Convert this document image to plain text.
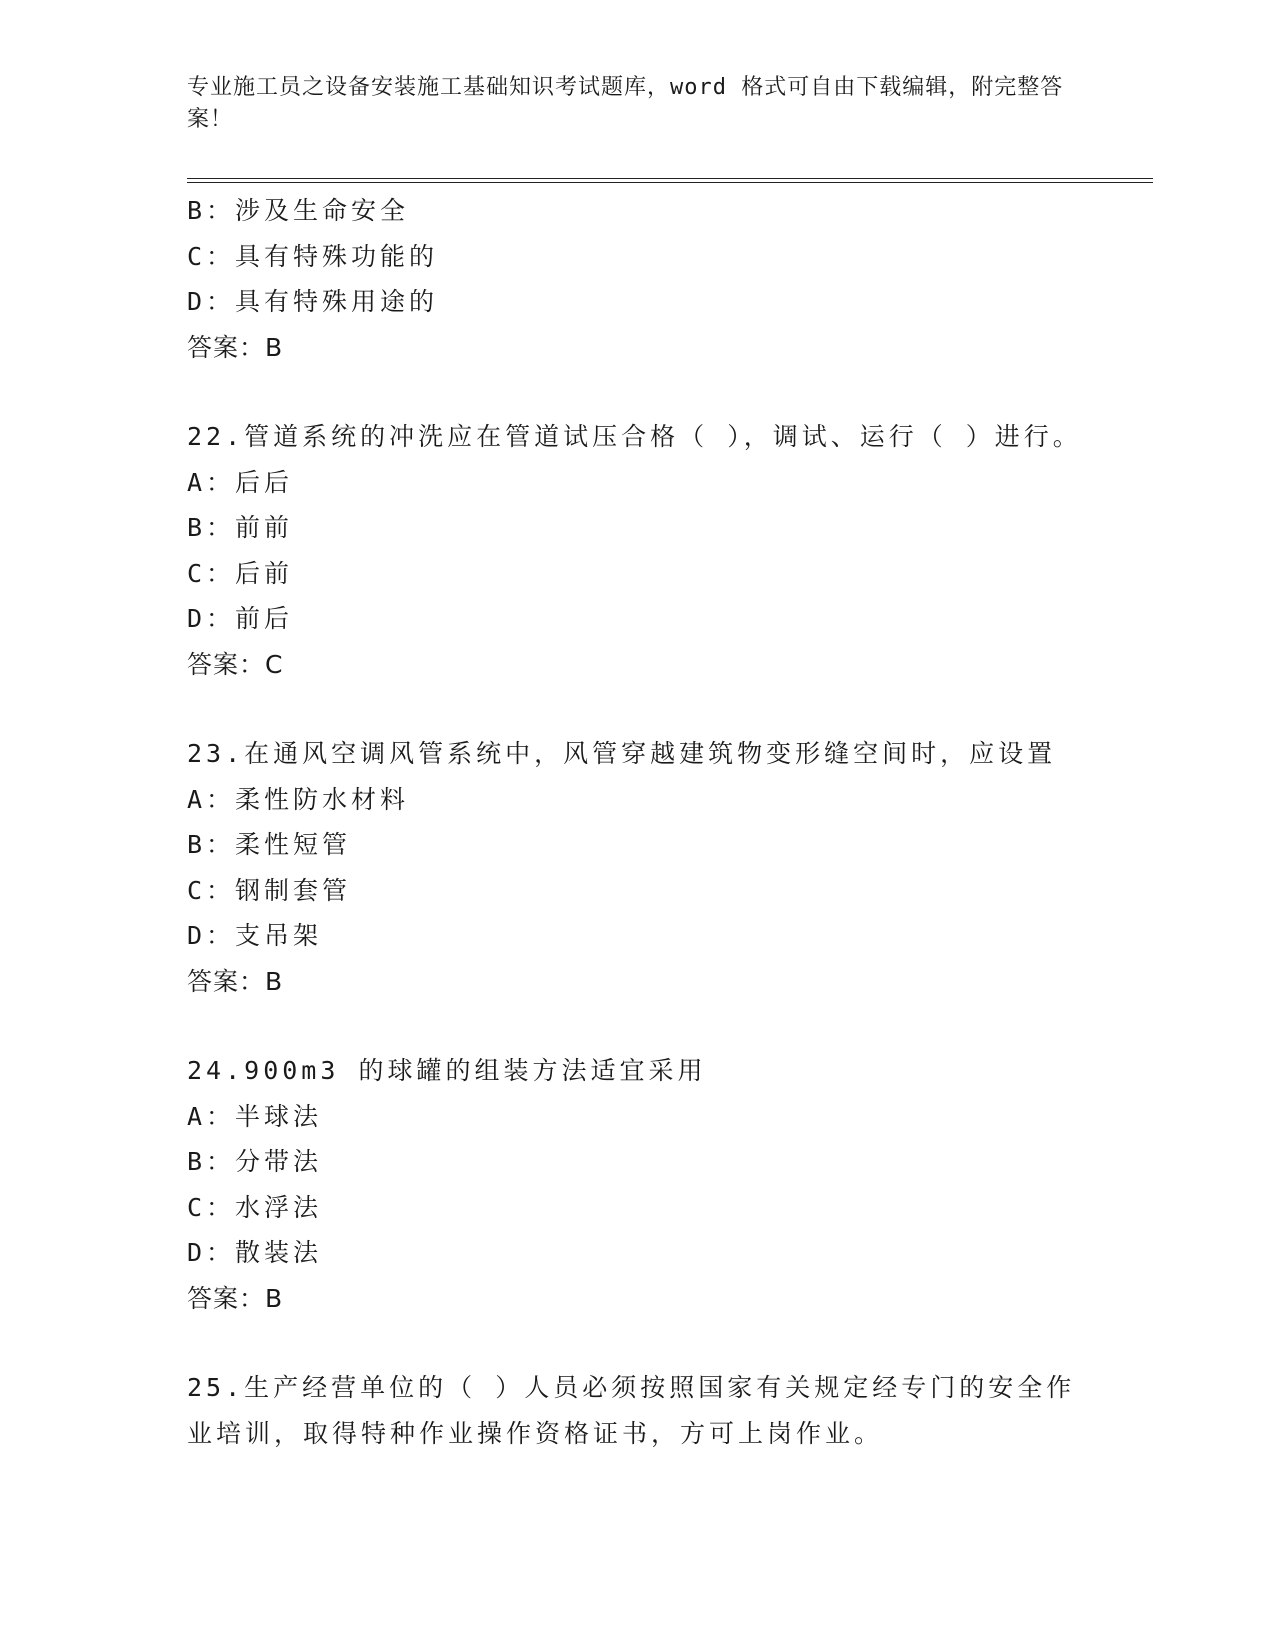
专业施工员之设备安装施工基础知识考试题库，word 格式可自由下载编辑，附完整答案！
B：涉及生命安全
C：具有特殊功能的
D：具有特殊用途的
答案：B
22.管道系统的冲洗应在管道试压合格（ ），调试、运行（ ）进行。
A：后后
B：前前
C：后前
D：前后
答案：C
23.在通风空调风管系统中，风管穿越建筑物变形缝空间时，应设置
A：柔性防水材料
B：柔性短管
C：钢制套管
D：支吊架
答案：B
24.900m3 的球罐的组装方法适宜采用
A：半球法
B：分带法
C：水浮法
D：散装法
答案：B
25.生产经营单位的（ ）人员必须按照国家有关规定经专门的安全作
业培训，取得特种作业操作资格证书，方可上岗作业。
